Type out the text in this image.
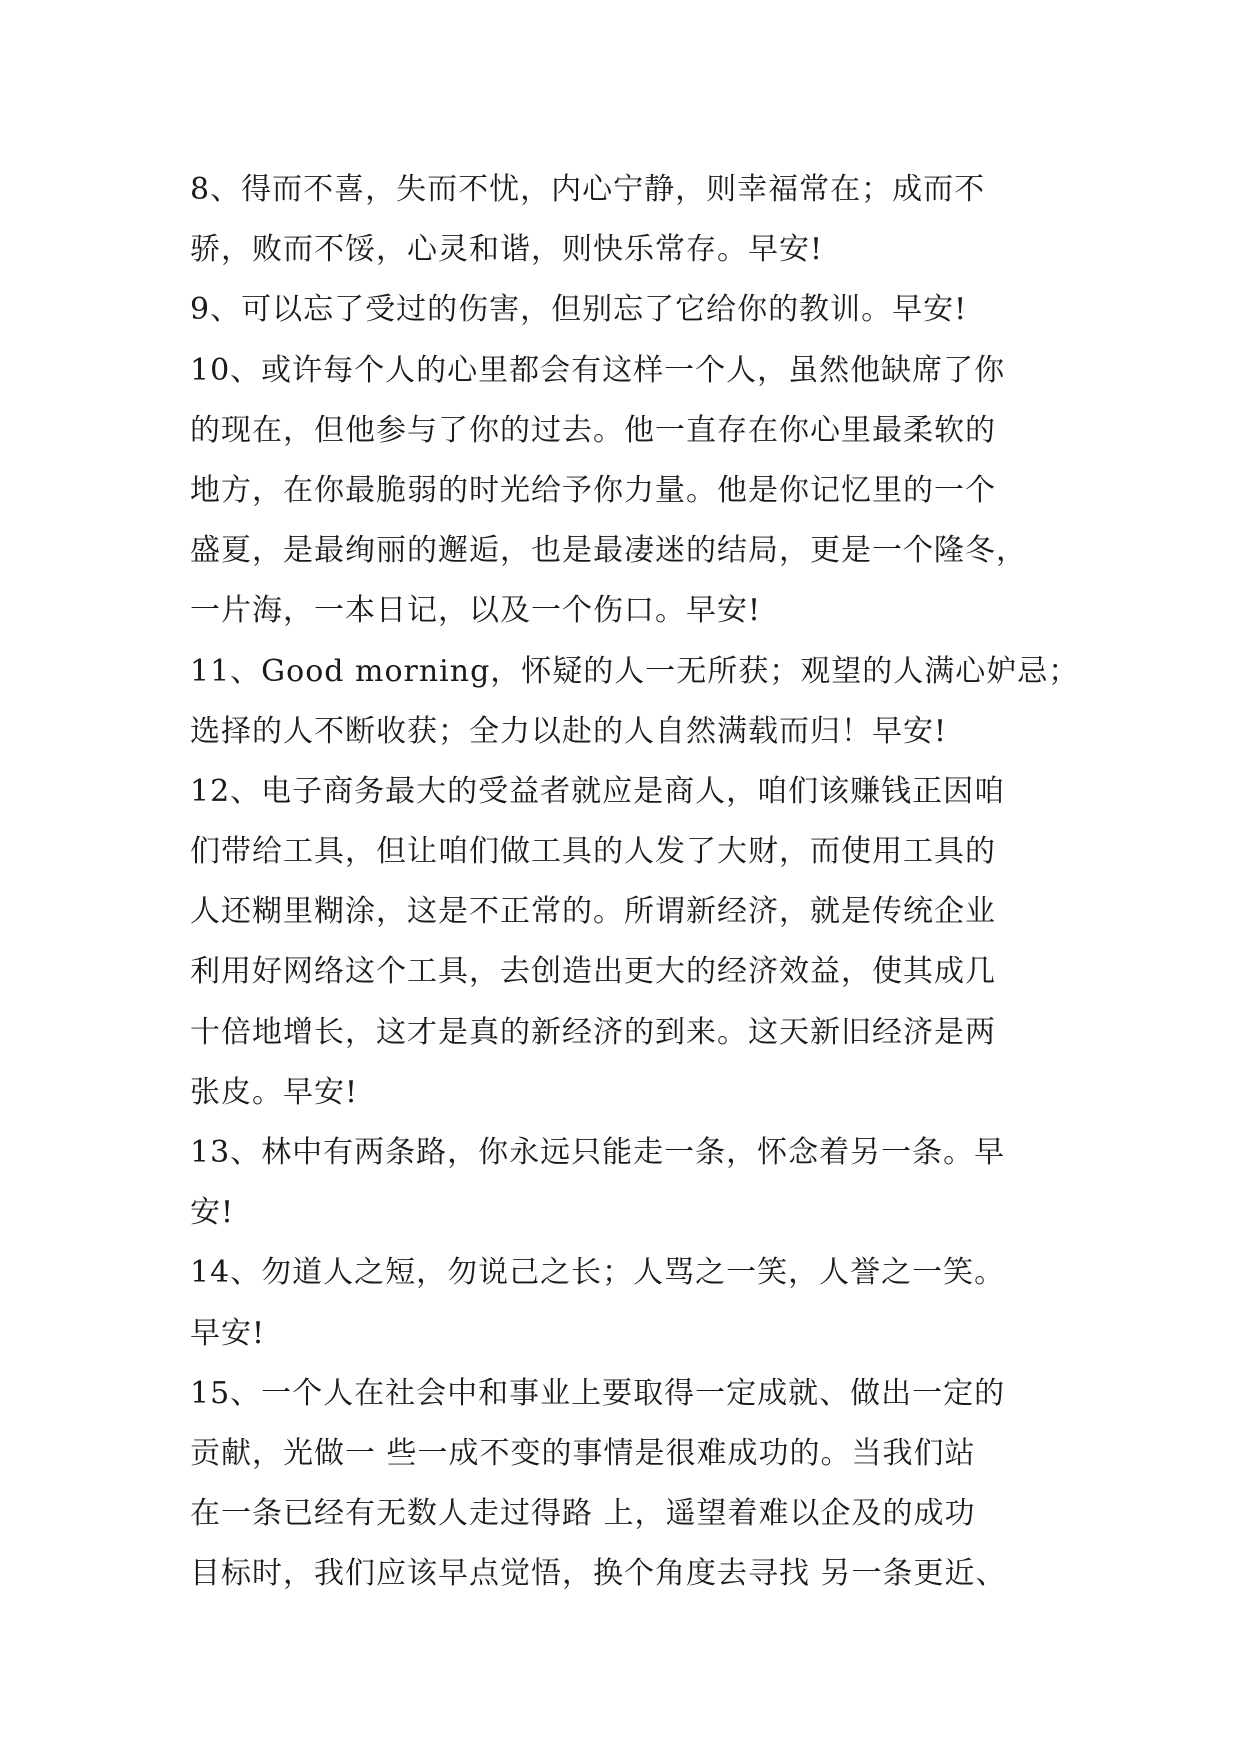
8、得而不喜，失而不忧，内心宁静，则幸福常在；成而不
骄，败而不馁，心灵和谐，则快乐常存。早安!
9、可以忘了受过的伤害，但别忘了它给你的教训。早安!
10、或许每个人的心里都会有这样一个人，虽然他缺席了你
的现在，但他参与了你的过去。他一直存在你心里最柔软的
地方，在你最脆弱的时光给予你力量。他是你记忆里的一个
盛夏，是最绚丽的邂逅，也是最凄迷的结局，更是一个隆冬，
一片海，一本日记，以及一个伤口。早安!
11、Good morning，怀疑的人一无所获；观望的人满心妒忌；
选择的人不断收获；全力以赴的人自然满载而归！早安!
12、电子商务最大的受益者就应是商人，咱们该赚钱正因咱
们带给工具，但让咱们做工具的人发了大财，而使用工具的
人还糊里糊涂，这是不正常的。所谓新经济，就是传统企业
利用好网络这个工具，去创造出更大的经济效益，使其成几
十倍地增长，这才是真的新经济的到来。这天新旧经济是两
张皮。早安!
13、林中有两条路，你永远只能走一条，怀念着另一条。早
安!
14、勿道人之短，勿说己之长；人骂之一笑，人誉之一笑。
早安!
15、一个人在社会中和事业上要取得一定成就、做出一定的
贡献，光做一 些一成不变的事情是很难成功的。当我们站
在一条已经有无数人走过得路 上，遥望着难以企及的成功
目标时，我们应该早点觉悟，换个角度去寻找 另一条更近、
